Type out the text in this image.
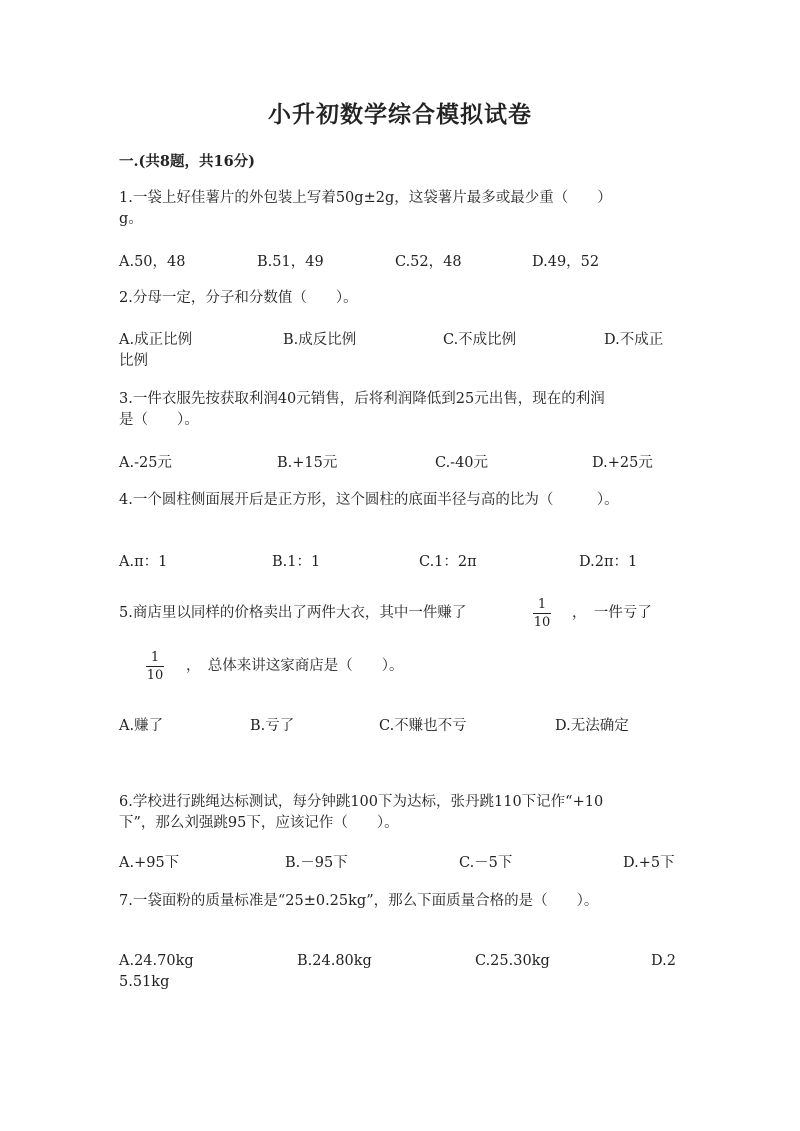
小升初数学综合模拟试卷
一.(共8题，共16分)
1.一袋上好佳薯片的外包装上写着50g±2g，这袋薯片最多或最少重（　　）
g。
A.50，48	B.51，49	C.52，48	D.49，52
2.分母一定，分子和分数值（　　）。
A.成正比例	B.成反比例	C.不成比例	D.不成正
比例
3.一件衣服先按获取利润40元销售，后将利润降低到25元出售，现在的利润
是（　　）。
A.-25元	B.+15元	C.-40元	D.+25元
4.一个圆柱侧面展开后是正方形，这个圆柱的底面半径与高的比为（　　　）。
A.π：1	B.1：1	C.1：2π	D.2π：1
5.商店里以同样的价格卖出了两件大衣，其中一件赚了
1
10
，　一件亏了
1
10
，　总体来讲这家商店是（　　）。
A.赚了	B.亏了	C.不赚也不亏	D.无法确定
6.学校进行跳绳达标测试，每分钟跳100下为达标，张丹跳110下记作“+10
下”，那么刘强跳95下，应该记作（　　）。
A.+95下	B.－95下	C.－5下	D.+5下
7.一袋面粉的质量标准是“25±0.25kg”，那么下面质量合格的是（　　）。
A.24.70kg	B.24.80kg	C.25.30kg	D.2
5.51kg
